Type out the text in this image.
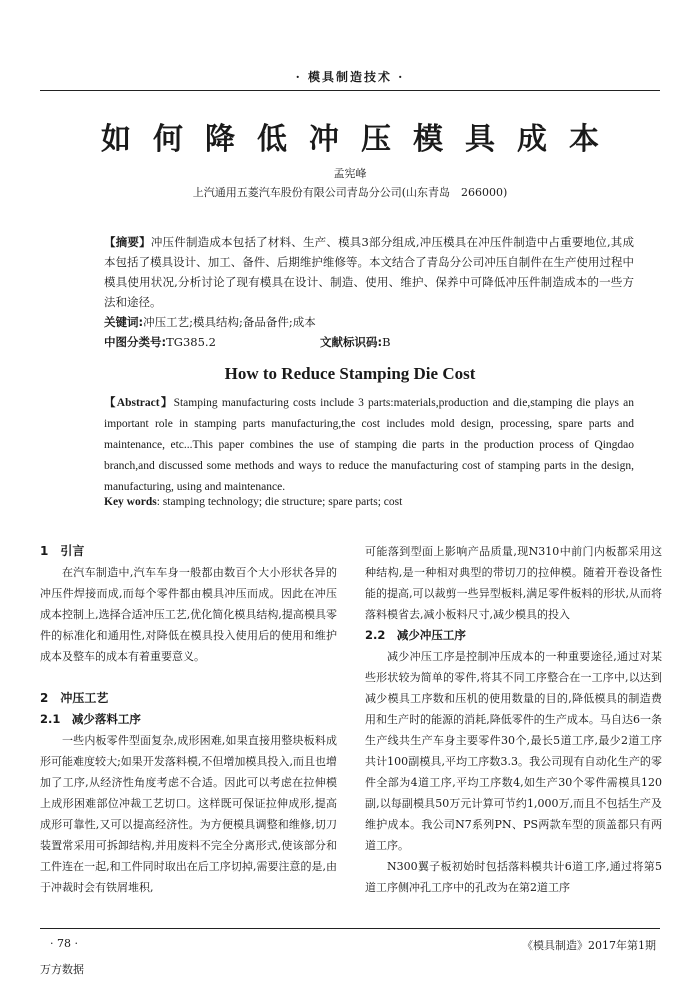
· 模具制造技术 ·
如何降低冲压模具成本
孟宪峰
上汽通用五菱汽车股份有限公司青岛分公司(山东青岛　266000)
【摘要】冲压件制造成本包括了材料、生产、模具3部分组成,冲压模具在冲压件制造中占重要地位,其成本包括了模具设计、加工、备件、后期维护维修等。本文结合了青岛分公司冲压自制件在生产使用过程中模具使用状况,分析讨论了现有模具在设计、制造、使用、维护、保养中可降低冲压件制造成本的一些方法和途径。
关键词:冲压工艺;模具结构;备品备件;成本
中图分类号:TG385.2	文献标识码:B
How to Reduce Stamping Die Cost
【Abstract】Stamping manufacturing costs include 3 parts:materials,production and die,stamping die plays an important role in stamping parts manufacturing,the cost includes mold design, processing, spare parts and maintenance, etc...This paper combines the use of stamping die parts in the production process of Qingdao branch,and discussed some methods and ways to reduce the manufacturing cost of stamping parts in the design, manufacturing, using and maintenance.
Key words: stamping technology; die structure; spare parts; cost

1　引言

在汽车制造中,汽车车身一般都由数百个大小形状各异的冲压件焊接而成,而每个零件都由模具冲压而成。因此在冲压成本控制上,选择合适冲压工艺,优化简化模具结构,提高模具零件的标准化和通用性,对降低在模具投入使用后的使用和维护成本及整车的成本有着重要意义。

2　冲压工艺

2.1　减少落料工序

一些内板零件型面复杂,成形困难,如果直接用整块板料成形可能难度较大;如果开发落料模,不但增加模具投入,而且也增加了工序,从经济性角度考虑不合适。因此可以考虑在拉伸模上成形困难部位冲裁工艺切口。这样既可保证拉伸成形,提高成形可靠性,又可以提高经济性。为方便模具调整和维修,切刀装置常采用可拆卸结构,并用废料不完全分离形式,使该部分和工件连在一起,和工件同时取出在后工序切掉,需要注意的是,由于冲裁时会有铁屑堆积,

可能落到型面上影响产品质量,现N310中前门内板都采用这种结构,是一种相对典型的带切刀的拉伸模。随着开卷设备性能的提高,可以裁剪一些异型板料,满足零件板料的形状,从而将落料模省去,减小板料尺寸,减少模具的投入

2.2　减少冲压工序

减少冲压工序是控制冲压成本的一种重要途径,通过对某些形状较为简单的零件,将其不同工序整合在一工序中,以达到减少模具工序数和压机的使用数量的目的,降低模具的制造费用和生产时的能源的消耗,降低零件的生产成本。马自达6一条生产线共生产车身主要零件30个,最长5道工序,最少2道工序共计100副模具,平均工序数3.3。我公司现有自动化生产的零件全部为4道工序,平均工序数4,如生产30个零件需模具120副,以每副模具50万元计算可节约1,000万,而且不包括生产及维护成本。我公司N7系列PN、PS两款车型的顶盖都只有两道工序。

N300翼子板初始时包括落料模共计6道工序,通过将第5道工序侧冲孔工序中的孔改为在第2道工序

· 78 ·	《模具制造》2017年第1期
万方数据
